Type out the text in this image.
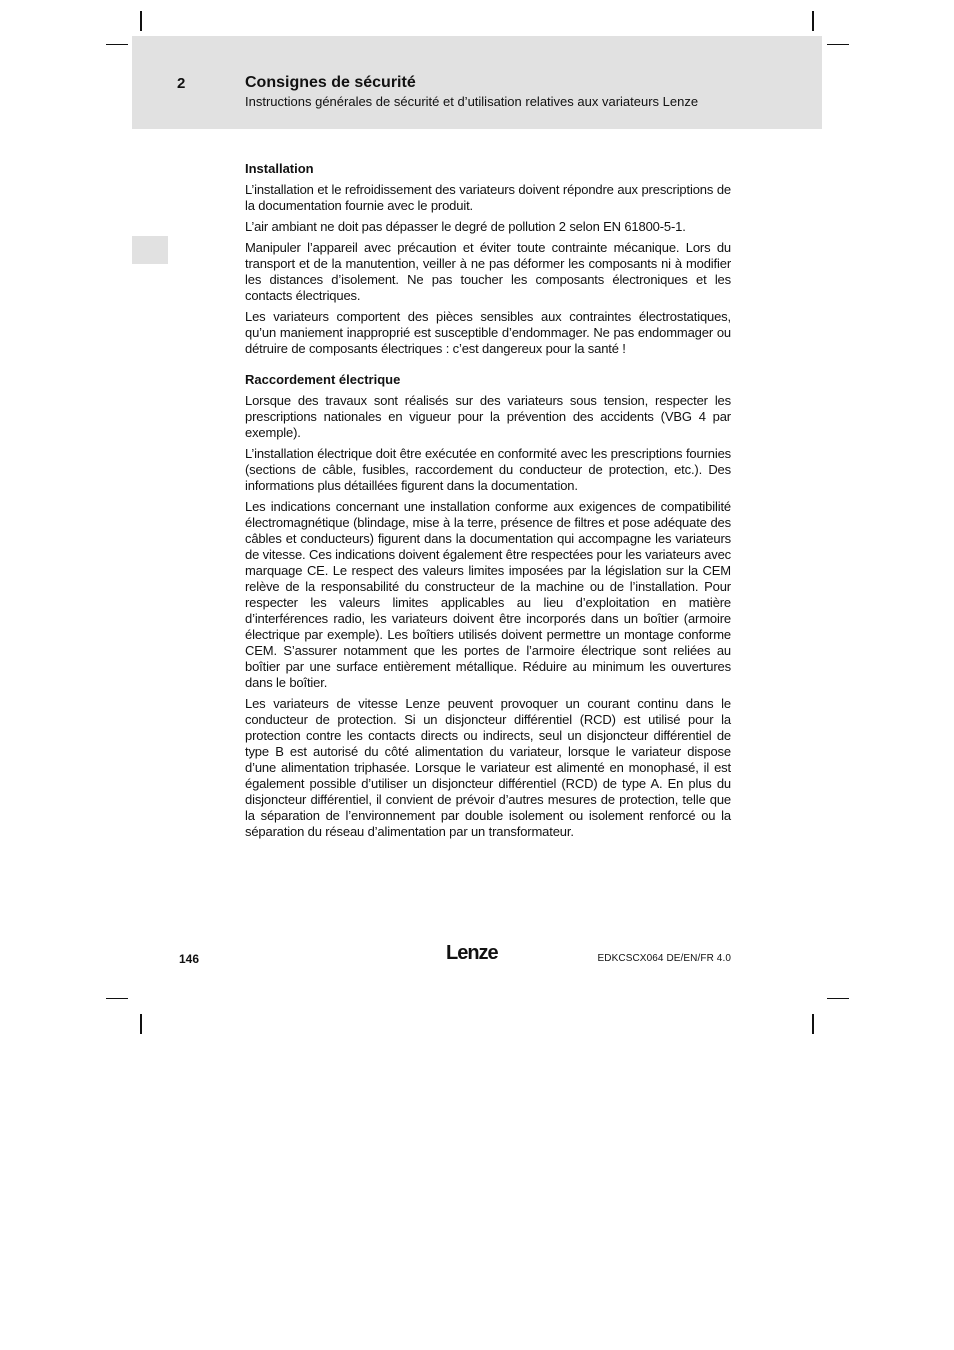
2	Consignes de sécurité
Instructions générales de sécurité et d’utilisation relatives aux variateurs Lenze
Installation

L’installation et le refroidissement des variateurs doivent répondre aux prescriptions de la documentation fournie avec le produit.

L’air ambiant ne doit pas dépasser le degré de pollution 2 selon EN 61800-5-1.

Manipuler l’appareil avec précaution et éviter toute contrainte mécanique. Lors du transport et de la manutention, veiller à ne pas déformer les composants ni à modifier les distances d’isolement. Ne pas toucher les composants électroniques et les contacts électriques.

Les variateurs comportent des pièces sensibles aux contraintes électrostatiques, qu’un maniement inapproprié est susceptible d’endommager. Ne pas endommager ou détruire de composants électriques : c’est dangereux pour la santé !

Raccordement électrique

Lorsque des travaux sont réalisés sur des variateurs sous tension, respecter les prescriptions nationales en vigueur pour la prévention des accidents (VBG 4 par exemple).

L’installation électrique doit être exécutée en conformité avec les prescriptions fournies (sections de câble, fusibles, raccordement du conducteur de protection, etc.). Des informations plus détaillées figurent dans la documentation.

Les indications concernant une installation conforme aux exigences de compatibilité électromagnétique (blindage, mise à la terre, présence de filtres et pose adéquate des câbles et conducteurs) figurent dans la documentation qui accompagne les variateurs de vitesse. Ces indications doivent également être respectées pour les variateurs avec marquage CE. Le respect des valeurs limites imposées par la législation sur la CEM relève de la responsabilité du constructeur de la machine ou de l’installation. Pour respecter les valeurs limites applicables au lieu d’exploitation en matière d’interférences radio, les variateurs doivent être incorporés dans un boîtier (armoire électrique par exemple). Les boîtiers utilisés doivent permettre un montage conforme CEM. S’assurer notamment que les portes de l’armoire électrique sont reliées au boîtier par une surface entièrement métallique. Réduire au minimum les ouvertures dans le boîtier.

Les variateurs de vitesse Lenze peuvent provoquer un courant continu dans le conducteur de protection. Si un disjoncteur différentiel (RCD) est utilisé pour la protection contre les contacts directs ou indirects, seul un disjoncteur différentiel de type B est autorisé du côté alimentation du variateur, lorsque le variateur dispose d’une alimentation triphasée. Lorsque le variateur est alimenté en monophasé, il est également possible d’utiliser un disjoncteur différentiel (RCD) de type A. En plus du disjoncteur différentiel, il convient de prévoir d’autres mesures de protection, telle que la séparation de l’environnement par double isolement ou isolement renforcé ou la séparation du réseau d’alimentation par un transformateur.

146	Lenze	EDKCSCX064 DE/EN/FR 4.0
